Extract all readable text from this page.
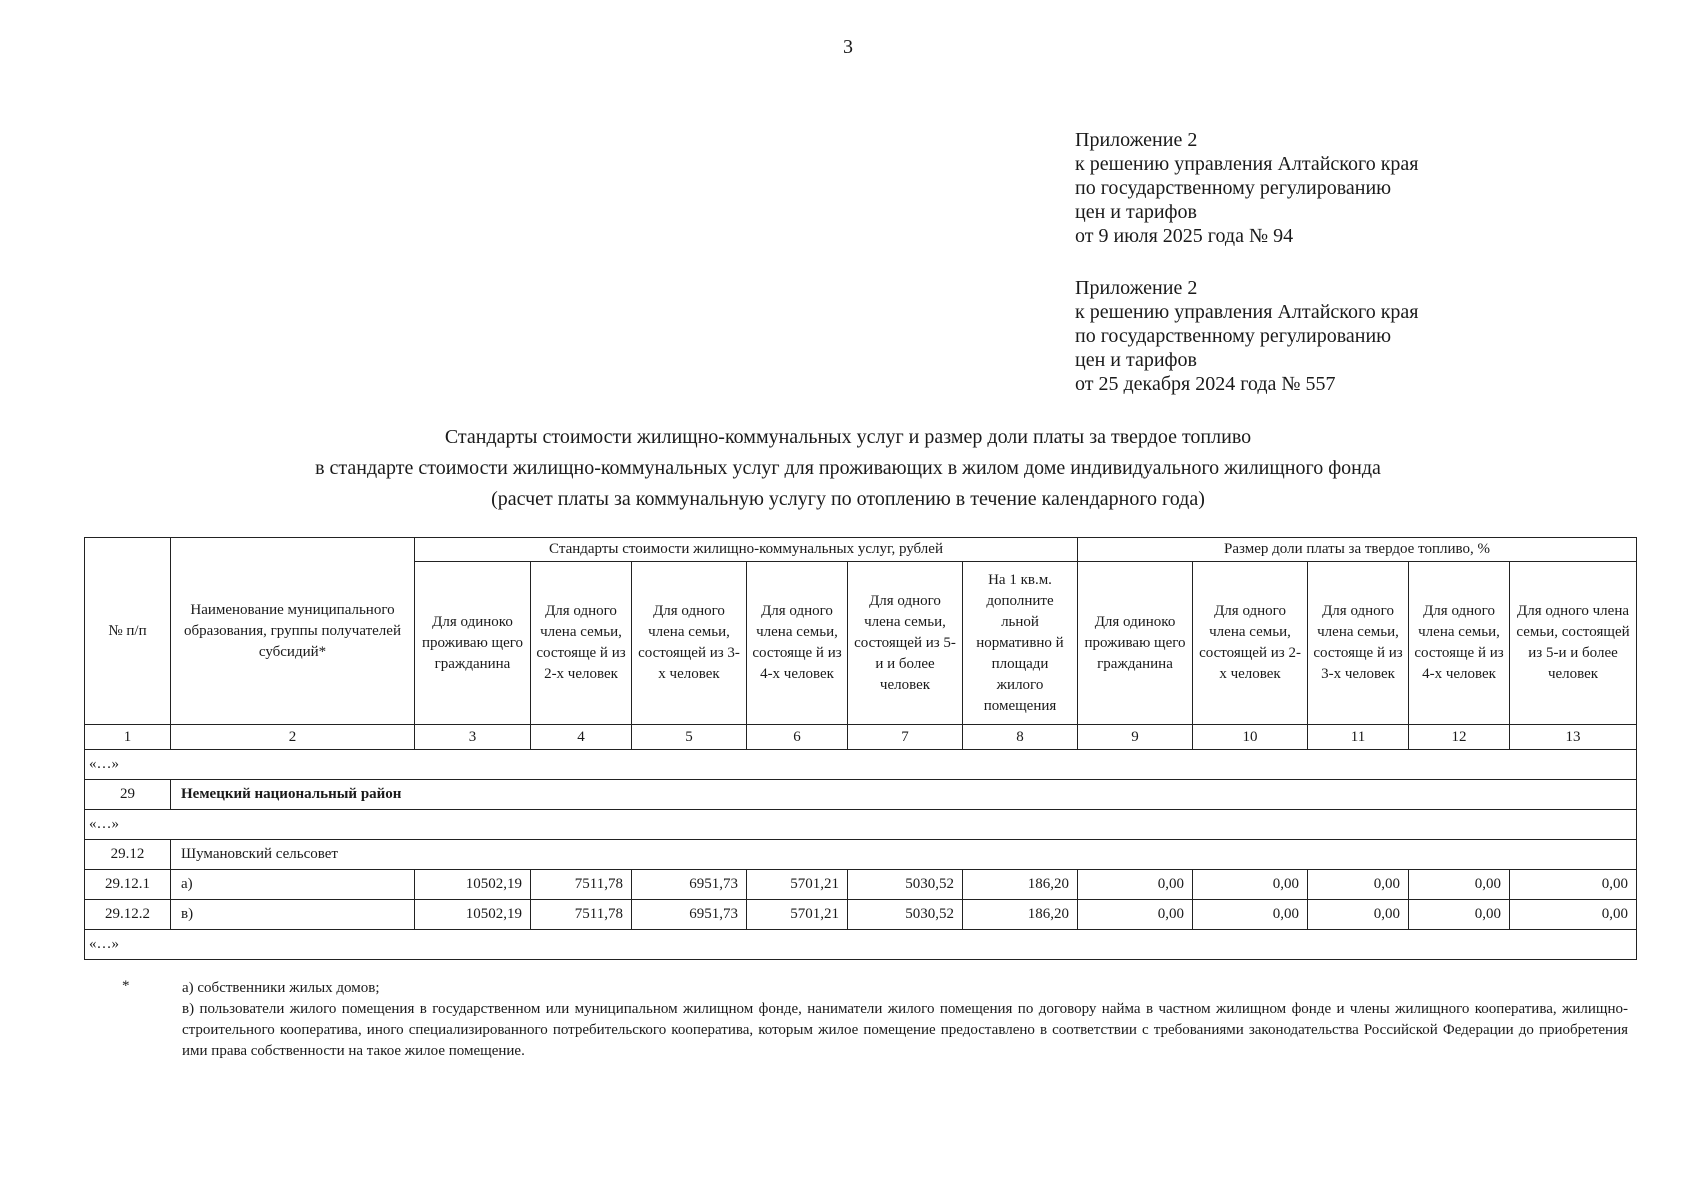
3
Приложение 2
к решению управления Алтайского края
по государственному регулированию
цен и тарифов
от 9 июля 2025 года № 94
Приложение 2
к решению управления Алтайского края
по государственному регулированию
цен и тарифов
от 25 декабря 2024 года № 557
Стандарты стоимости жилищно-коммунальных услуг и размер доли платы за твердое топливо
в стандарте стоимости жилищно-коммунальных услуг для проживающих в жилом доме индивидуального жилищного фонда
(расчет платы за коммунальную услугу по отоплению в течение календарного года)
№ п/п	Наименование муниципального образования, группы получателей субсидий*	Стандарты стоимости жилищно-коммунальных услуг, рублей						Размер доли платы за твердое топливо, %				
		Для одиноко проживаю щего гражданина	Для одного члена семьи, состояще й из 2-х человек	Для одного члена семьи, состоящей из 3-х человек	Для одного члена семьи, состояще й из 4-х человек	Для одного члена семьи, состоящей из 5-и и более человек	На 1 кв.м. дополните льной нормативно й площади жилого помещения	Для одиноко проживаю щего гражданина	Для одного члена семьи, состоящей из 2-х человек	Для одного члена семьи, состояще й из 3-х человек	Для одного члена семьи, состояще й из 4-х человек	Для одного члена семьи, состоящей из 5-и и более человек
1	2	3	4	5	6	7	8	9	10	11	12	13
«…»												
29	Немецкий национальный район											
«…»												
29.12	Шумановский сельсовет											
29.12.1	а)	10502,19	7511,78	6951,73	5701,21	5030,52	186,20	0,00	0,00	0,00	0,00	0,00
29.12.2	в)	10502,19	7511,78	6951,73	5701,21	5030,52	186,20	0,00	0,00	0,00	0,00	0,00
«…»												
*	а) собственники жилых домов;
в) пользователи жилого помещения в государственном или муниципальном жилищном фонде, наниматели жилого помещения по договору найма в частном жилищном фонде и члены жилищного кооператива, жилищно-строительного кооператива, иного специализированного потребительского кооператива, которым жилое помещение предоставлено в соответствии с требованиями законодательства Российской Федерации до приобретения ими права собственности на такое жилое помещение.
